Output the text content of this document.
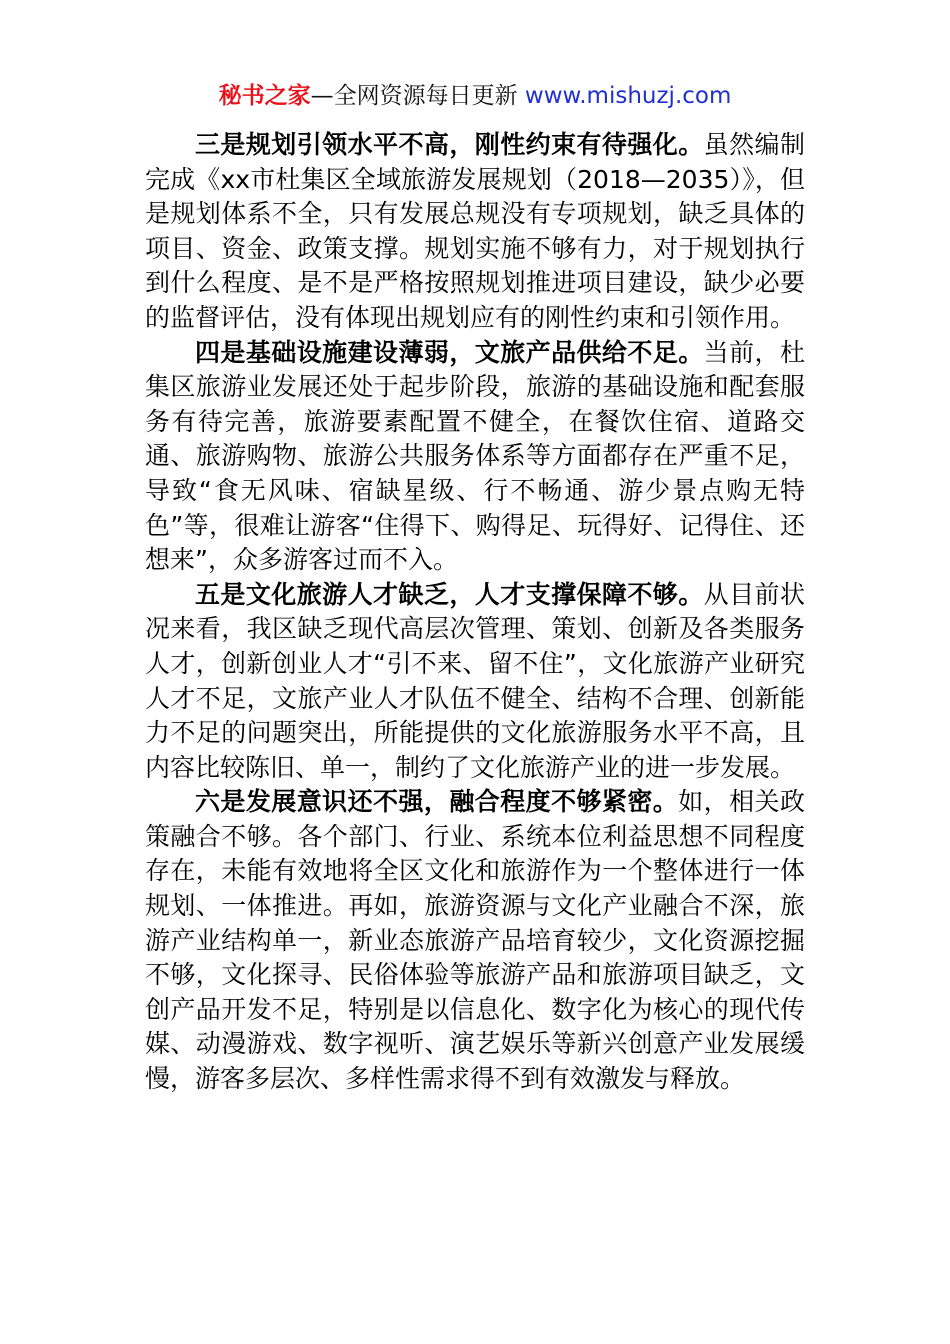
秘书之家—全网资源每日更新 www.mishuzj.com

三是规划引领水平不高，刚性约束有待强化。虽然编制完成《xx市杜集区全域旅游发展规划（2018—2035）》，但是规划体系不全，只有发展总规没有专项规划，缺乏具体的项目、资金、政策支撑。规划实施不够有力，对于规划执行到什么程度、是不是严格按照规划推进项目建设，缺少必要的监督评估，没有体现出规划应有的刚性约束和引领作用。

四是基础设施建设薄弱，文旅产品供给不足。当前，杜集区旅游业发展还处于起步阶段，旅游的基础设施和配套服务有待完善，旅游要素配置不健全，在餐饮住宿、道路交通、旅游购物、旅游公共服务体系等方面都存在严重不足，导致“食无风味、宿缺星级、行不畅通、游少景点购无特色”等，很难让游客“住得下、购得足、玩得好、记得住、还想来”，众多游客过而不入。

五是文化旅游人才缺乏，人才支撑保障不够。从目前状况来看，我区缺乏现代高层次管理、策划、创新及各类服务人才，创新创业人才“引不来、留不住”，文化旅游产业研究人才不足，文旅产业人才队伍不健全、结构不合理、创新能力不足的问题突出，所能提供的文化旅游服务水平不高，且内容比较陈旧、单一，制约了文化旅游产业的进一步发展。

六是发展意识还不强，融合程度不够紧密。如，相关政策融合不够。各个部门、行业、系统本位利益思想不同程度存在，未能有效地将全区文化和旅游作为一个整体进行一体规划、一体推进。再如，旅游资源与文化产业融合不深，旅游产业结构单一，新业态旅游产品培育较少，文化资源挖掘不够，文化探寻、民俗体验等旅游产品和旅游项目缺乏，文创产品开发不足，特别是以信息化、数字化为核心的现代传媒、动漫游戏、数字视听、演艺娱乐等新兴创意产业发展缓慢，游客多层次、多样性需求得不到有效激发与释放。
